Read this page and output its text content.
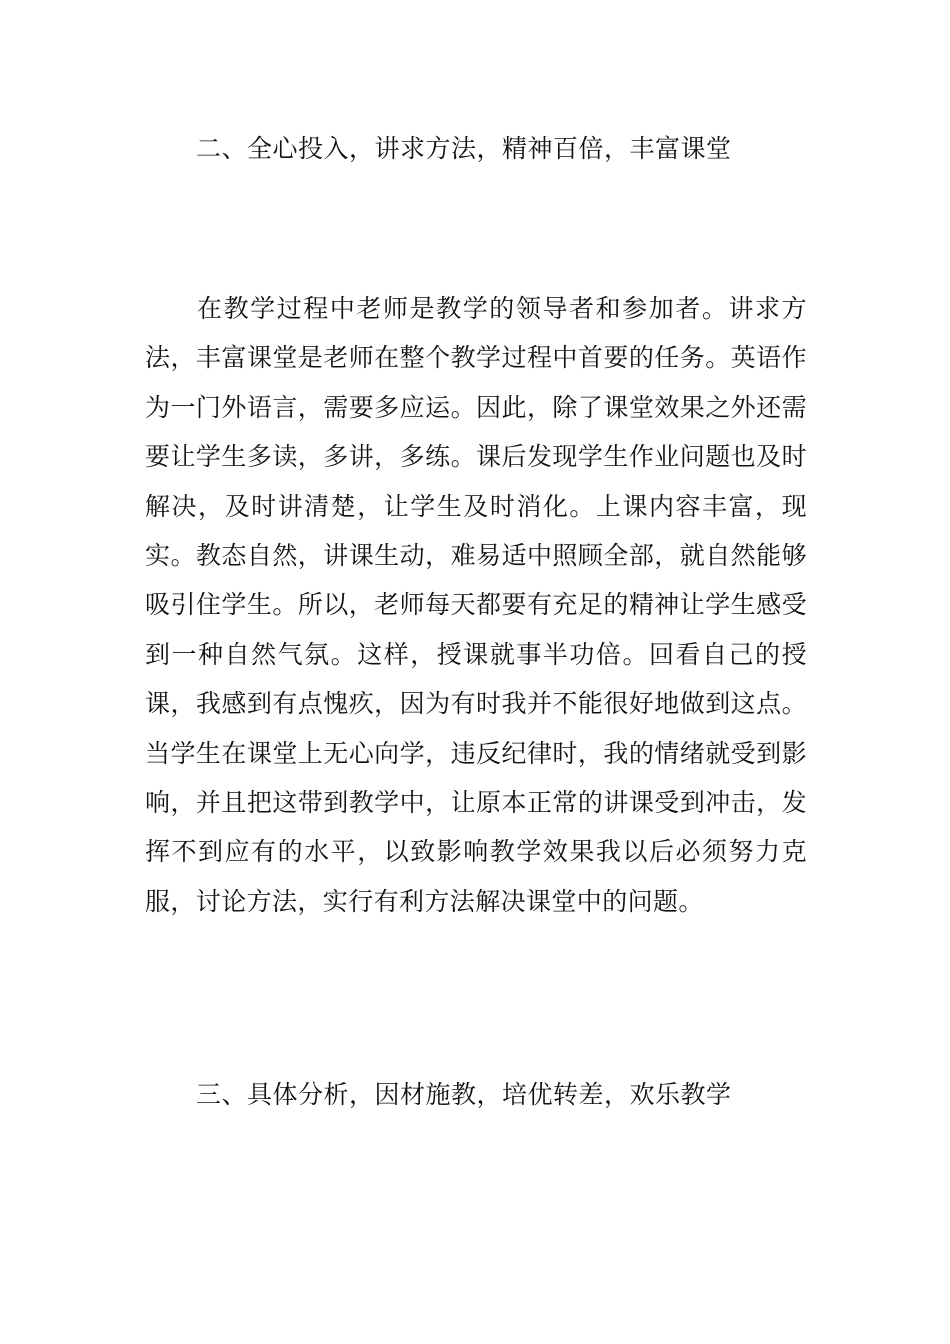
二、全心投入，讲求方法，精神百倍，丰富课堂

在教学过程中老师是教学的领导者和参加者。讲求方法，丰富课堂是老师在整个教学过程中首要的任务。英语作为一门外语言，需要多应运。因此，除了课堂效果之外还需要让学生多读，多讲，多练。课后发现学生作业问题也及时解决，及时讲清楚，让学生及时消化。上课内容丰富，现实。教态自然，讲课生动，难易适中照顾全部，就自然能够吸引住学生。所以，老师每天都要有充足的精神让学生感受到一种自然气氛。这样，授课就事半功倍。回看自己的授课，我感到有点愧疚，因为有时我并不能很好地做到这点。当学生在课堂上无心向学，违反纪律时，我的情绪就受到影响，并且把这带到教学中，让原本正常的讲课受到冲击，发挥不到应有的水平，以致影响教学效果我以后必须努力克服，讨论方法，实行有利方法解决课堂中的问题。

三、具体分析，因材施教，培优转差，欢乐教学
